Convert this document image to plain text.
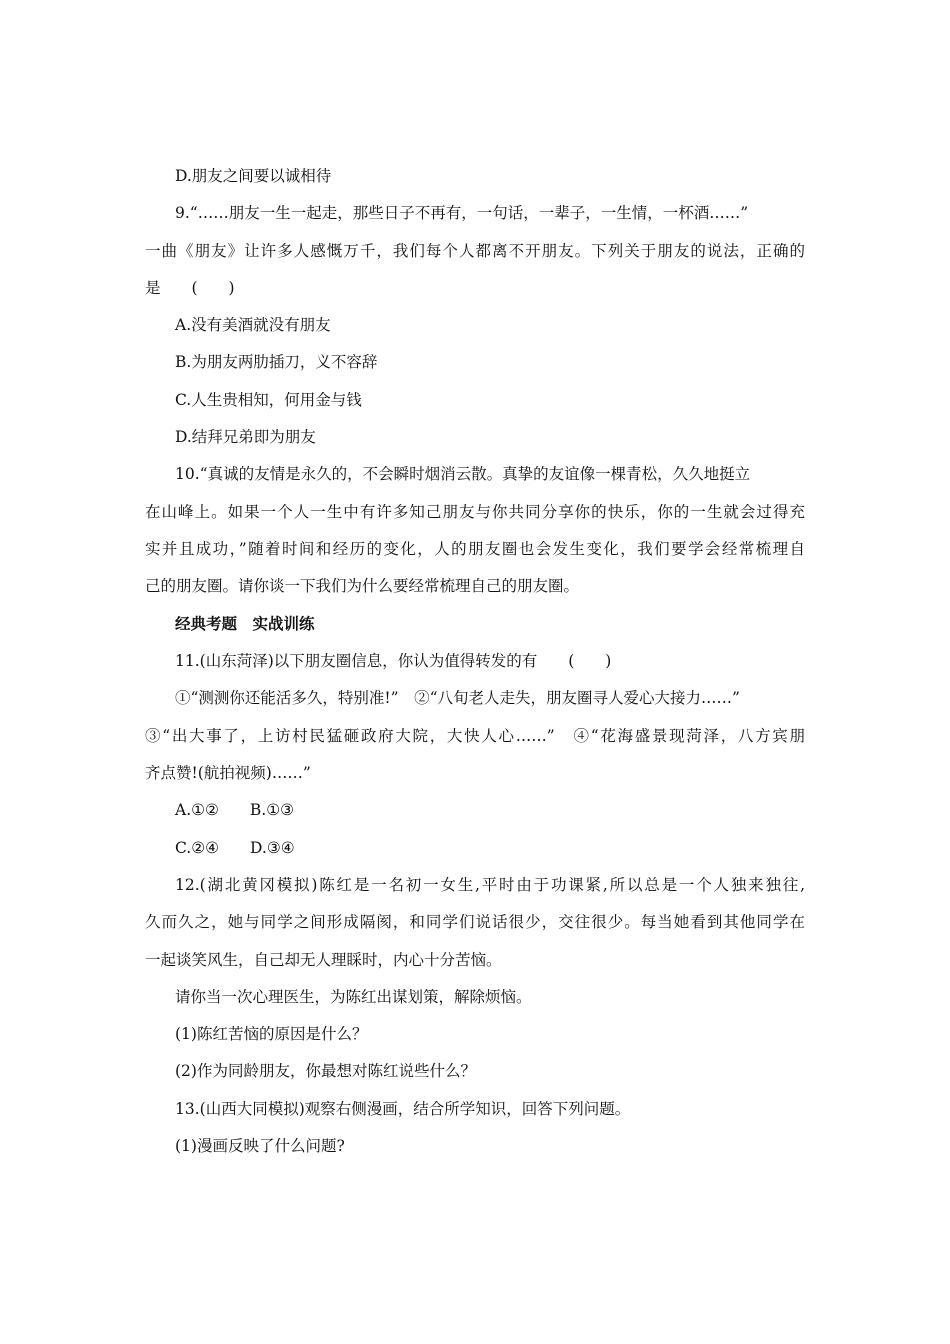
D.朋友之间要以诚相待
9.“……朋友一生一起走，那些日子不再有，一句话，一辈子，一生情，一杯酒……”
一曲《朋友》让许多人感慨万千，我们每个人都离不开朋友。下列关于朋友的说法，正确的
是　　(　　)
A.没有美酒就没有朋友
B.为朋友两肋插刀，义不容辞
C.人生贵相知，何用金与钱
D.结拜兄弟即为朋友
10.“真诚的友情是永久的，不会瞬时烟消云散。真挚的友谊像一棵青松，久久地挺立
在山峰上。如果一个人一生中有许多知己朋友与你共同分享你的快乐，你的一生就会过得充
实并且成功，”随着时间和经历的变化，人的朋友圈也会发生变化，我们要学会经常梳理自
己的朋友圈。请你谈一下我们为什么要经常梳理自己的朋友圈。
经典考题　实战训练
11.(山东菏泽)以下朋友圈信息，你认为值得转发的有　　(　　)
①“测测你还能活多久，特别准!”　②“八旬老人走失，朋友圈寻人爱心大接力……”
③“出大事了，上访村民猛砸政府大院，大快人心……”　④“花海盛景现菏泽，八方宾朋
齐点赞!(航拍视频)……”
A.①②　　B.①③
C.②④　　D.③④
12.(湖北黄冈模拟)陈红是一名初一女生,平时由于功课紧,所以总是一个人独来独往,
久而久之，她与同学之间形成隔阂，和同学们说话很少，交往很少。每当她看到其他同学在
一起谈笑风生，自己却无人理睬时，内心十分苦恼。
请你当一次心理医生，为陈红出谋划策，解除烦恼。
(1)陈红苦恼的原因是什么？
(2)作为同龄朋友，你最想对陈红说些什么？
13.(山西大同模拟)观察右侧漫画，结合所学知识，回答下列问题。
(1)漫画反映了什么问题?
